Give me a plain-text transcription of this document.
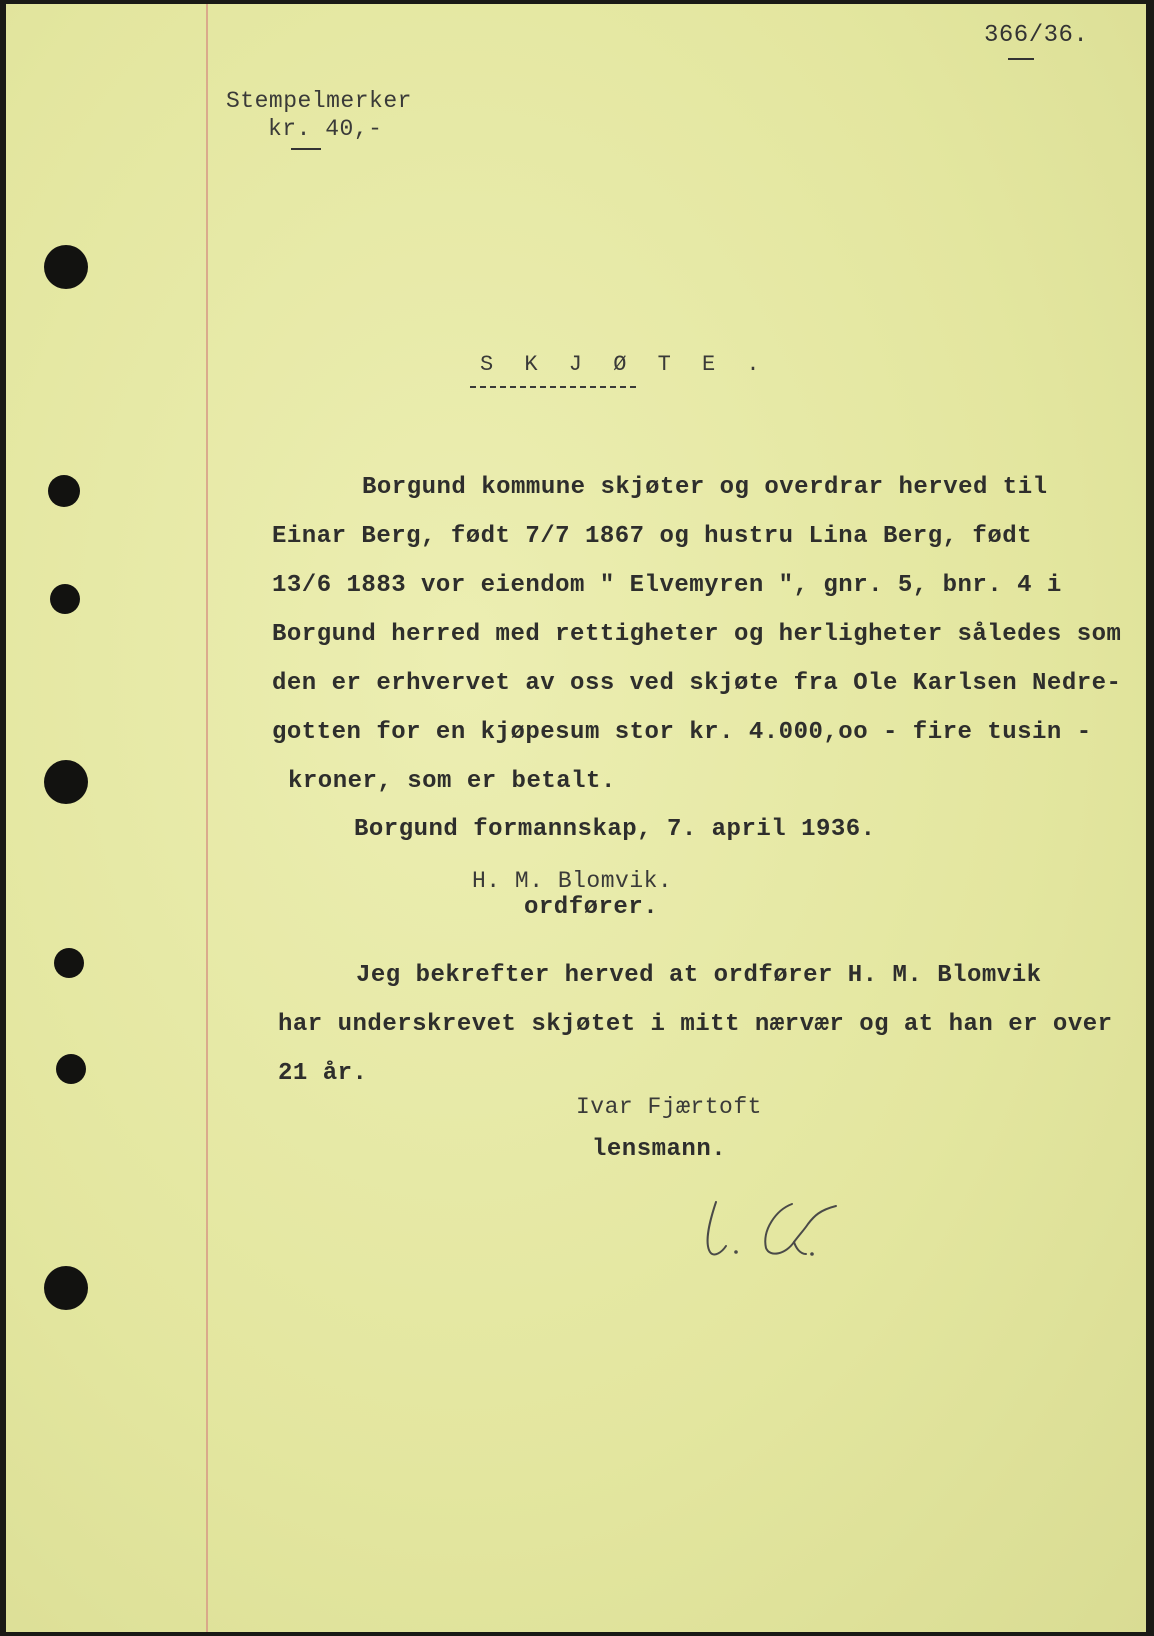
366/36.
Stempelmerker
kr. 40,-
S K J Ø T E .
Borgund kommune skjøter og overdrar herved til
Einar Berg, født 7/7 1867 og hustru Lina Berg, født
13/6 1883 vor eiendom " Elvemyren ", gnr. 5, bnr. 4 i
Borgund herred med rettigheter og herligheter således som
den er erhvervet av oss ved skjøte fra Ole Karlsen Nedre-
gotten for en kjøpesum stor kr. 4.000,oo - fire tusin -
kroner, som er betalt.
Borgund formannskap, 7. april 1936.
H. M. Blomvik.
ordfører.
Jeg bekrefter herved at ordfører H. M. Blomvik
har underskrevet skjøtet i mitt nærvær og at han er over
21 år.
Ivar Fjærtoft
lensmann.
